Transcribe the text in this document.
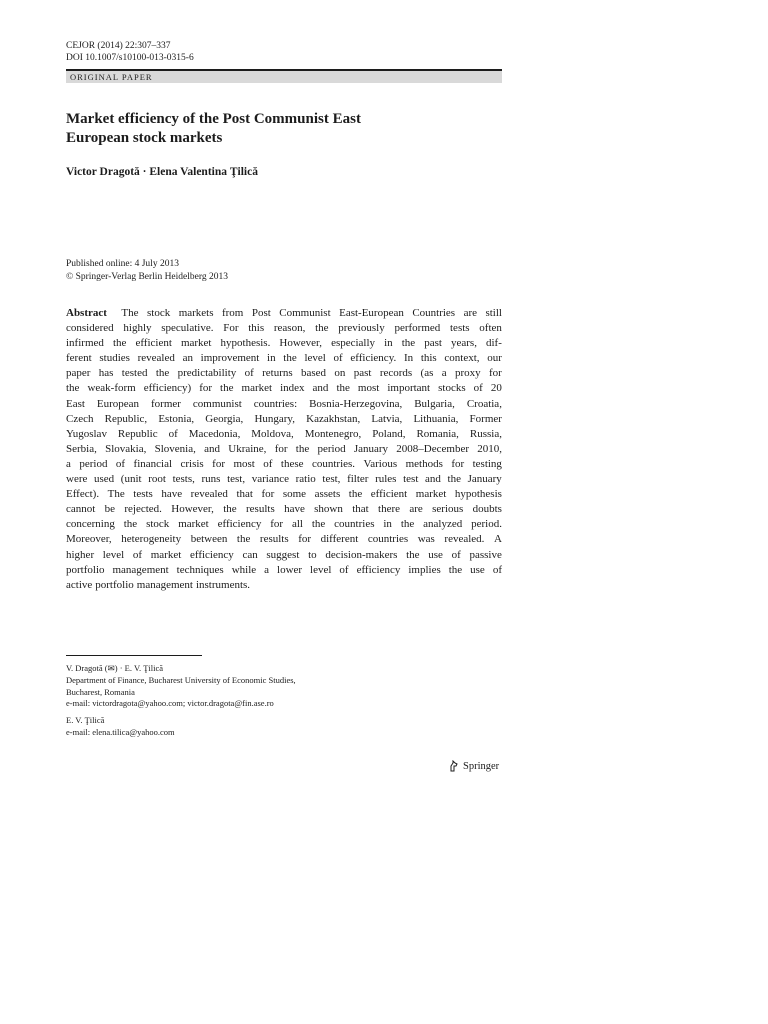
CEJOR (2014) 22:307–337
DOI 10.1007/s10100-013-0315-6
ORIGINAL PAPER
Market efficiency of the Post Communist East
European stock markets
Victor Dragotă · Elena Valentina Ţilică
Published online: 4 July 2013
© Springer-Verlag Berlin Heidelberg 2013
Abstract The stock markets from Post Communist East-European Countries are still
considered highly speculative. For this reason, the previously performed tests often
infirmed the efficient market hypothesis. However, especially in the past years, dif-
ferent studies revealed an improvement in the level of efficiency. In this context, our
paper has tested the predictability of returns based on past records (as a proxy for
the weak-form efficiency) for the market index and the most important stocks of 20
East European former communist countries: Bosnia-Herzegovina, Bulgaria, Croatia,
Czech Republic, Estonia, Georgia, Hungary, Kazakhstan, Latvia, Lithuania, Former
Yugoslav Republic of Macedonia, Moldova, Montenegro, Poland, Romania, Russia,
Serbia, Slovakia, Slovenia, and Ukraine, for the period January 2008–December 2010,
a period of financial crisis for most of these countries. Various methods for testing
were used (unit root tests, runs test, variance ratio test, filter rules test and the January
Effect). The tests have revealed that for some assets the efficient market hypothesis
cannot be rejected. However, the results have shown that there are serious doubts
concerning the stock market efficiency for all the countries in the analyzed period.
Moreover, heterogeneity between the results for different countries was revealed. A
higher level of market efficiency can suggest to decision-makers the use of passive
portfolio management techniques while a lower level of efficiency implies the use of
active portfolio management instruments.
V. Dragotă (✉) · E. V. Ţilică
Department of Finance, Bucharest University of Economic Studies,
Bucharest, Romania
e-mail: victordragota@yahoo.com; victor.dragota@fin.ase.ro
E. V. Ţilică
e-mail: elena.tilica@yahoo.com
Springer
